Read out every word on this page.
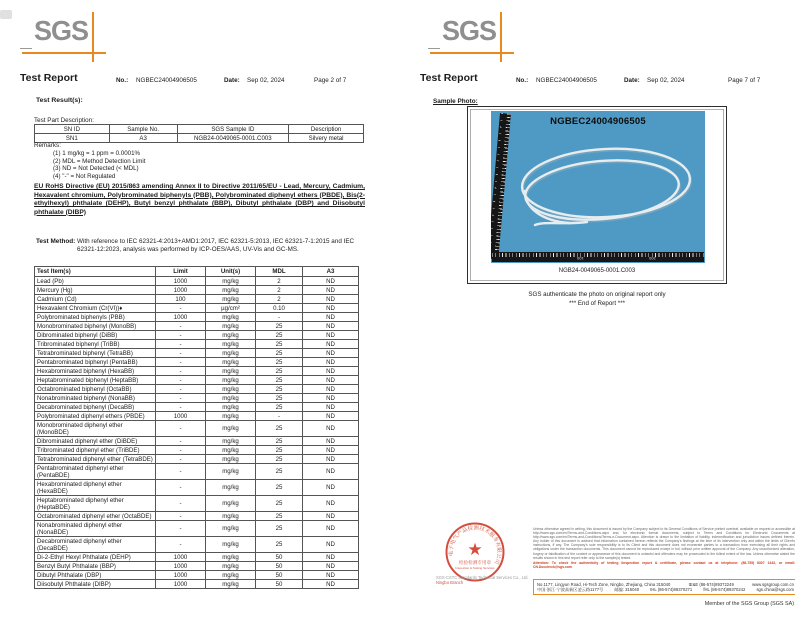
SGS
Test Report	No.: NGBEC24004906505	Date: Sep 02, 2024	Page 2 of 7
Test Result(s):
Test Part Description:
SN ID	Sample No.	SGS Sample ID	Description
SN1	A3	NGB24-0049065-0001.C003	Silvery metal
Remarks:
(1) 1 mg/kg = 1 ppm = 0.0001%
(2) MDL = Method Detection Limit
(3) ND = Not Detected (< MDL)
(4) "-" = Not Regulated
EU RoHS Directive (EU) 2015/863 amending Annex II to Directive 2011/65/EU - Lead, Mercury, Cadmium, Hexavalent chromium, Polybrominated biphenyls (PBB), Polybrominated diphenyl ethers (PBDE), Bis(2-ethylhexyl) phthalate (DEHP), Butyl benzyl phthalate (BBP), Dibutyl phthalate (DBP) and Diisobutyl phthalate (DIBP)
Test Method: With reference to IEC 62321-4:2013+AMD1:2017, IEC 62321-5:2013, IEC 62321-7-1:2015 and IEC 62321-12:2023, analysis was performed by ICP-OES/AAS, UV-Vis and GC-MS.
Test Item(s)	Limit	Unit(s)	MDL	A3
Lead (Pb)	1000	mg/kg	2	ND
Mercury (Hg)	1000	mg/kg	2	ND
Cadmium (Cd)	100	mg/kg	2	ND
Hexavalent Chromium (Cr(VI))♦	-	µg/cm²	0.10	ND
Polybrominated biphenyls (PBB)	1000	mg/kg	-	ND
Monobrominated biphenyl (MonoBB)	-	mg/kg	25	ND
Dibrominated biphenyl (DiBB)	-	mg/kg	25	ND
Tribrominated biphenyl (TriBB)	-	mg/kg	25	ND
Tetrabrominated biphenyl (TetraBB)	-	mg/kg	25	ND
Pentabrominated biphenyl (PentaBB)	-	mg/kg	25	ND
Hexabrominated biphenyl (HexaBB)	-	mg/kg	25	ND
Heptabrominated biphenyl (HeptaBB)	-	mg/kg	25	ND
Octabrominated biphenyl (OctaBB)	-	mg/kg	25	ND
Nonabrominated biphenyl (NonaBB)	-	mg/kg	25	ND
Decabrominated biphenyl (DecaBB)	-	mg/kg	25	ND
Polybrominated diphenyl ethers (PBDE)	1000	mg/kg	-	ND
Monobrominated diphenyl ether (MonoBDE)	-	mg/kg	25	ND
Dibrominated diphenyl ether (DiBDE)	-	mg/kg	25	ND
Tribrominated diphenyl ether (TriBDE)	-	mg/kg	25	ND
Tetrabrominated diphenyl ether (TetraBDE)	-	mg/kg	25	ND
Pentabrominated diphenyl ether (PentaBDE)	-	mg/kg	25	ND
Hexabrominated diphenyl ether (HexaBDE)	-	mg/kg	25	ND
Heptabrominated diphenyl ether (HeptaBDE)	-	mg/kg	25	ND
Octabrominated diphenyl ether (OctaBDE)	-	mg/kg	25	ND
Nonabrominated diphenyl ether (NonaBDE)	-	mg/kg	25	ND
Decabrominated diphenyl ether (DecaBDE)	-	mg/kg	25	ND
Di-2-Ethyl Hexyl Phthalate (DEHP)	1000	mg/kg	50	ND
Benzyl Butyl Phthalate (BBP)	1000	mg/kg	50	ND
Dibutyl Phthalate (DBP)	1000	mg/kg	50	ND
Diisobutyl Phthalate (DIBP)	1000	mg/kg	50	ND
SGS
Test Report	No.: NGBEC24004906505	Date: Sep 02, 2024	Page 7 of 7
Sample Photo:
NGBEC24004906505
100	200
NGB24-0049065-0001.C003
SGS authenticate the photo on original report only
*** End of Report ***
电子电气产品检测技术服务有限公司
★
检验检测专用章
Inspection & Testing Services
SGS-CSTC Standards Technical Services Co., Ltd.
Ningbo Branch
Unless otherwise agreed in writing, this document is issued by the Company subject to its General Conditions of Service printed overleaf, available on request or accessible at http://www.sgs.com/en/Terms-and-Conditions.aspx and, for electronic format documents, subject to Terms and Conditions for Electronic Documents at http://www.sgs.com/en/Terms-and-Conditions/Terms-e-Document.aspx. Attention is drawn to the limitation of liability, indemnification and jurisdiction issues defined therein. Any holder of this document is advised that information contained hereon reflects the Company's findings at the time of its intervention only and within the limits of Client's instructions, if any. The Company's sole responsibility is to its Client and this document does not exonerate parties to a transaction from exercising all their rights and obligations under the transaction documents. This document cannot be reproduced except in full, without prior written approval of the Company. Any unauthorized alteration, forgery or falsification of the content or appearance of this document is unlawful and offenders may be prosecuted to the fullest extent of the law. Unless otherwise stated the results shown in this test report refer only to the sample(s) tested.
Attention: To check the authenticity of testing /inspection report & certificate, please contact us at telephone: (86-755) 8307 1443, or email: CN.Doccheck@sgs.com
No.1177, Lingyun Road, Hi-Tech Zone, Ningbo, Zhejiang, China 315040	tE&E (86-574)89372249	www.sgsgroup.com.cn
中国·浙江·宁波高新区凌云路1177号	邮编: 315040	tHL (86-574)89370271	fHL (86-574)89370242	sgs.china@sgs.com
Member of the SGS Group (SGS SA)
